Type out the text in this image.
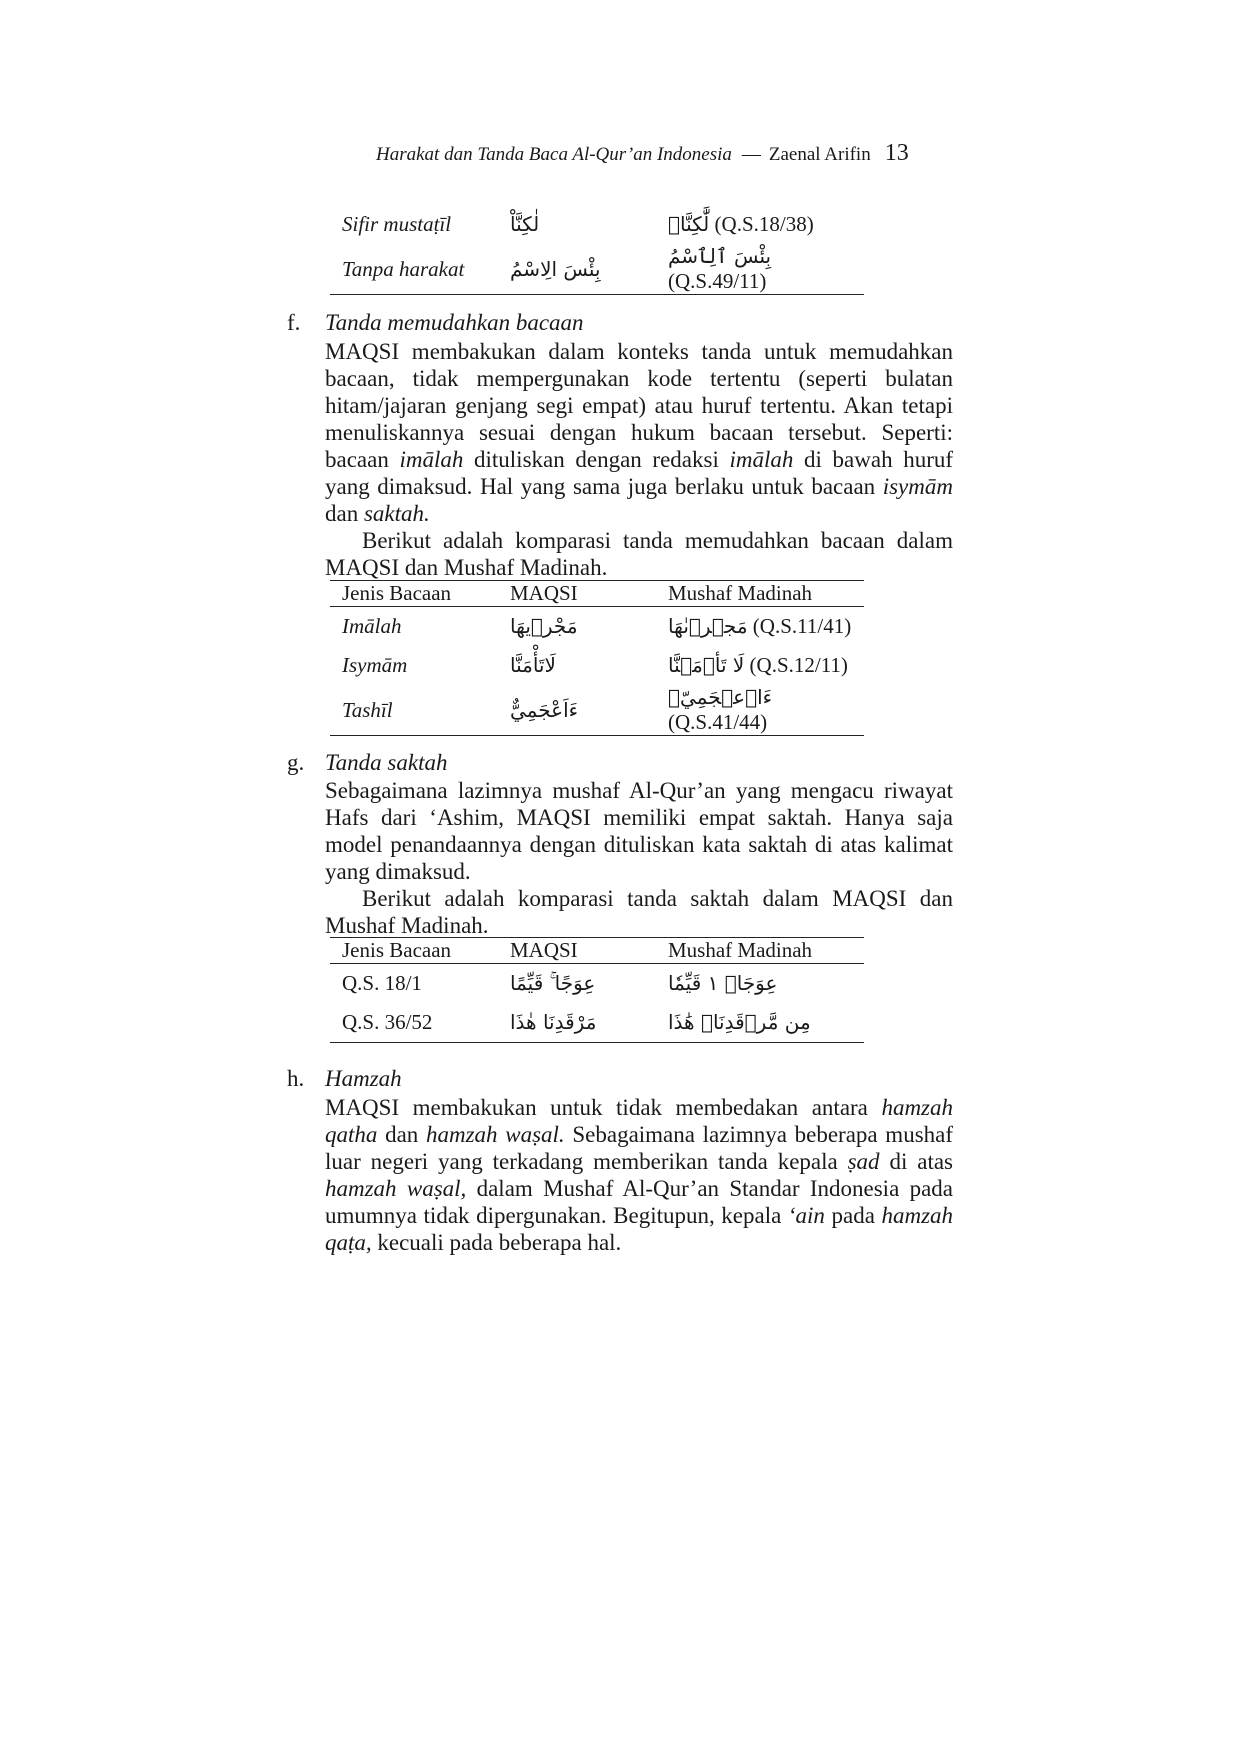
Harakat dan Tanda Baca Al-Qur’an Indonesia — Zaenal Arifin 13
Sifir mustaṭīl	لٰكِنَّاْ	لَّٰكِنَّا۠ (Q.S.18/38)
Tanpa harakat	بِئْسَ الِاسْمُ	بِئْسَ ٱلِٱسْمُ (Q.S.49/11)
f. Tanda memudahkan bacaan

MAQSI membakukan dalam konteks tanda untuk memudahkan bacaan, tidak mempergunakan kode tertentu (seperti bulatan hitam/jajaran genjang segi empat) atau huruf tertentu. Akan tetapi menuliskannya sesuai dengan hukum bacaan tersebut. Seperti: bacaan imālah dituliskan dengan redaksi imālah di bawah huruf yang dimaksud. Hal yang sama juga berlaku untuk bacaan isymām dan saktah.

Berikut adalah komparasi tanda memudahkan bacaan dalam MAQSI dan Mushaf Madinah.

Jenis Bacaan	MAQSI	Mushaf Madinah
Imālah	مَجْرٖيهَا	مَجۡرٜىٰهَا (Q.S.11/41)
Isymām	لَاتَأْمَنَّا	لَا تَأۡمَ۫نَّا (Q.S.12/11)
Tashīl	ءَاَعْجَمِيٌّ	ءَا۬عۡجَمِيّٞ (Q.S.41/44)
g. Tanda saktah

Sebagaimana lazimnya mushaf Al-Qur’an yang mengacu riwayat Hafs dari ‘Ashim, MAQSI memiliki empat saktah. Hanya saja model penandaannya dengan dituliskan kata saktah di atas kalimat yang dimaksud.

Berikut adalah komparasi tanda saktah dalam MAQSI dan Mushaf Madinah.

Jenis Bacaan	MAQSI	Mushaf Madinah
Q.S. 18/1	عِوَجًا ۚ قَيِّمًا	عِوَجَاۜ ١ قَيِّمٗا
Q.S. 36/52	مَرْقَدِنَا هٰذَا	مِن مَّرۡقَدِنَاۜ هَٰذَا
h. Hamzah

MAQSI membakukan untuk tidak membedakan antara hamzah qatha dan hamzah waṣal. Sebagaimana lazimnya beberapa mushaf luar negeri yang terkadang memberikan tanda kepala ṣad di atas hamzah waṣal, dalam Mushaf Al-Qur’an Standar Indonesia pada umumnya tidak dipergunakan. Begitupun, kepala ‘ain pada hamzah qaṭa, kecuali pada beberapa hal.
